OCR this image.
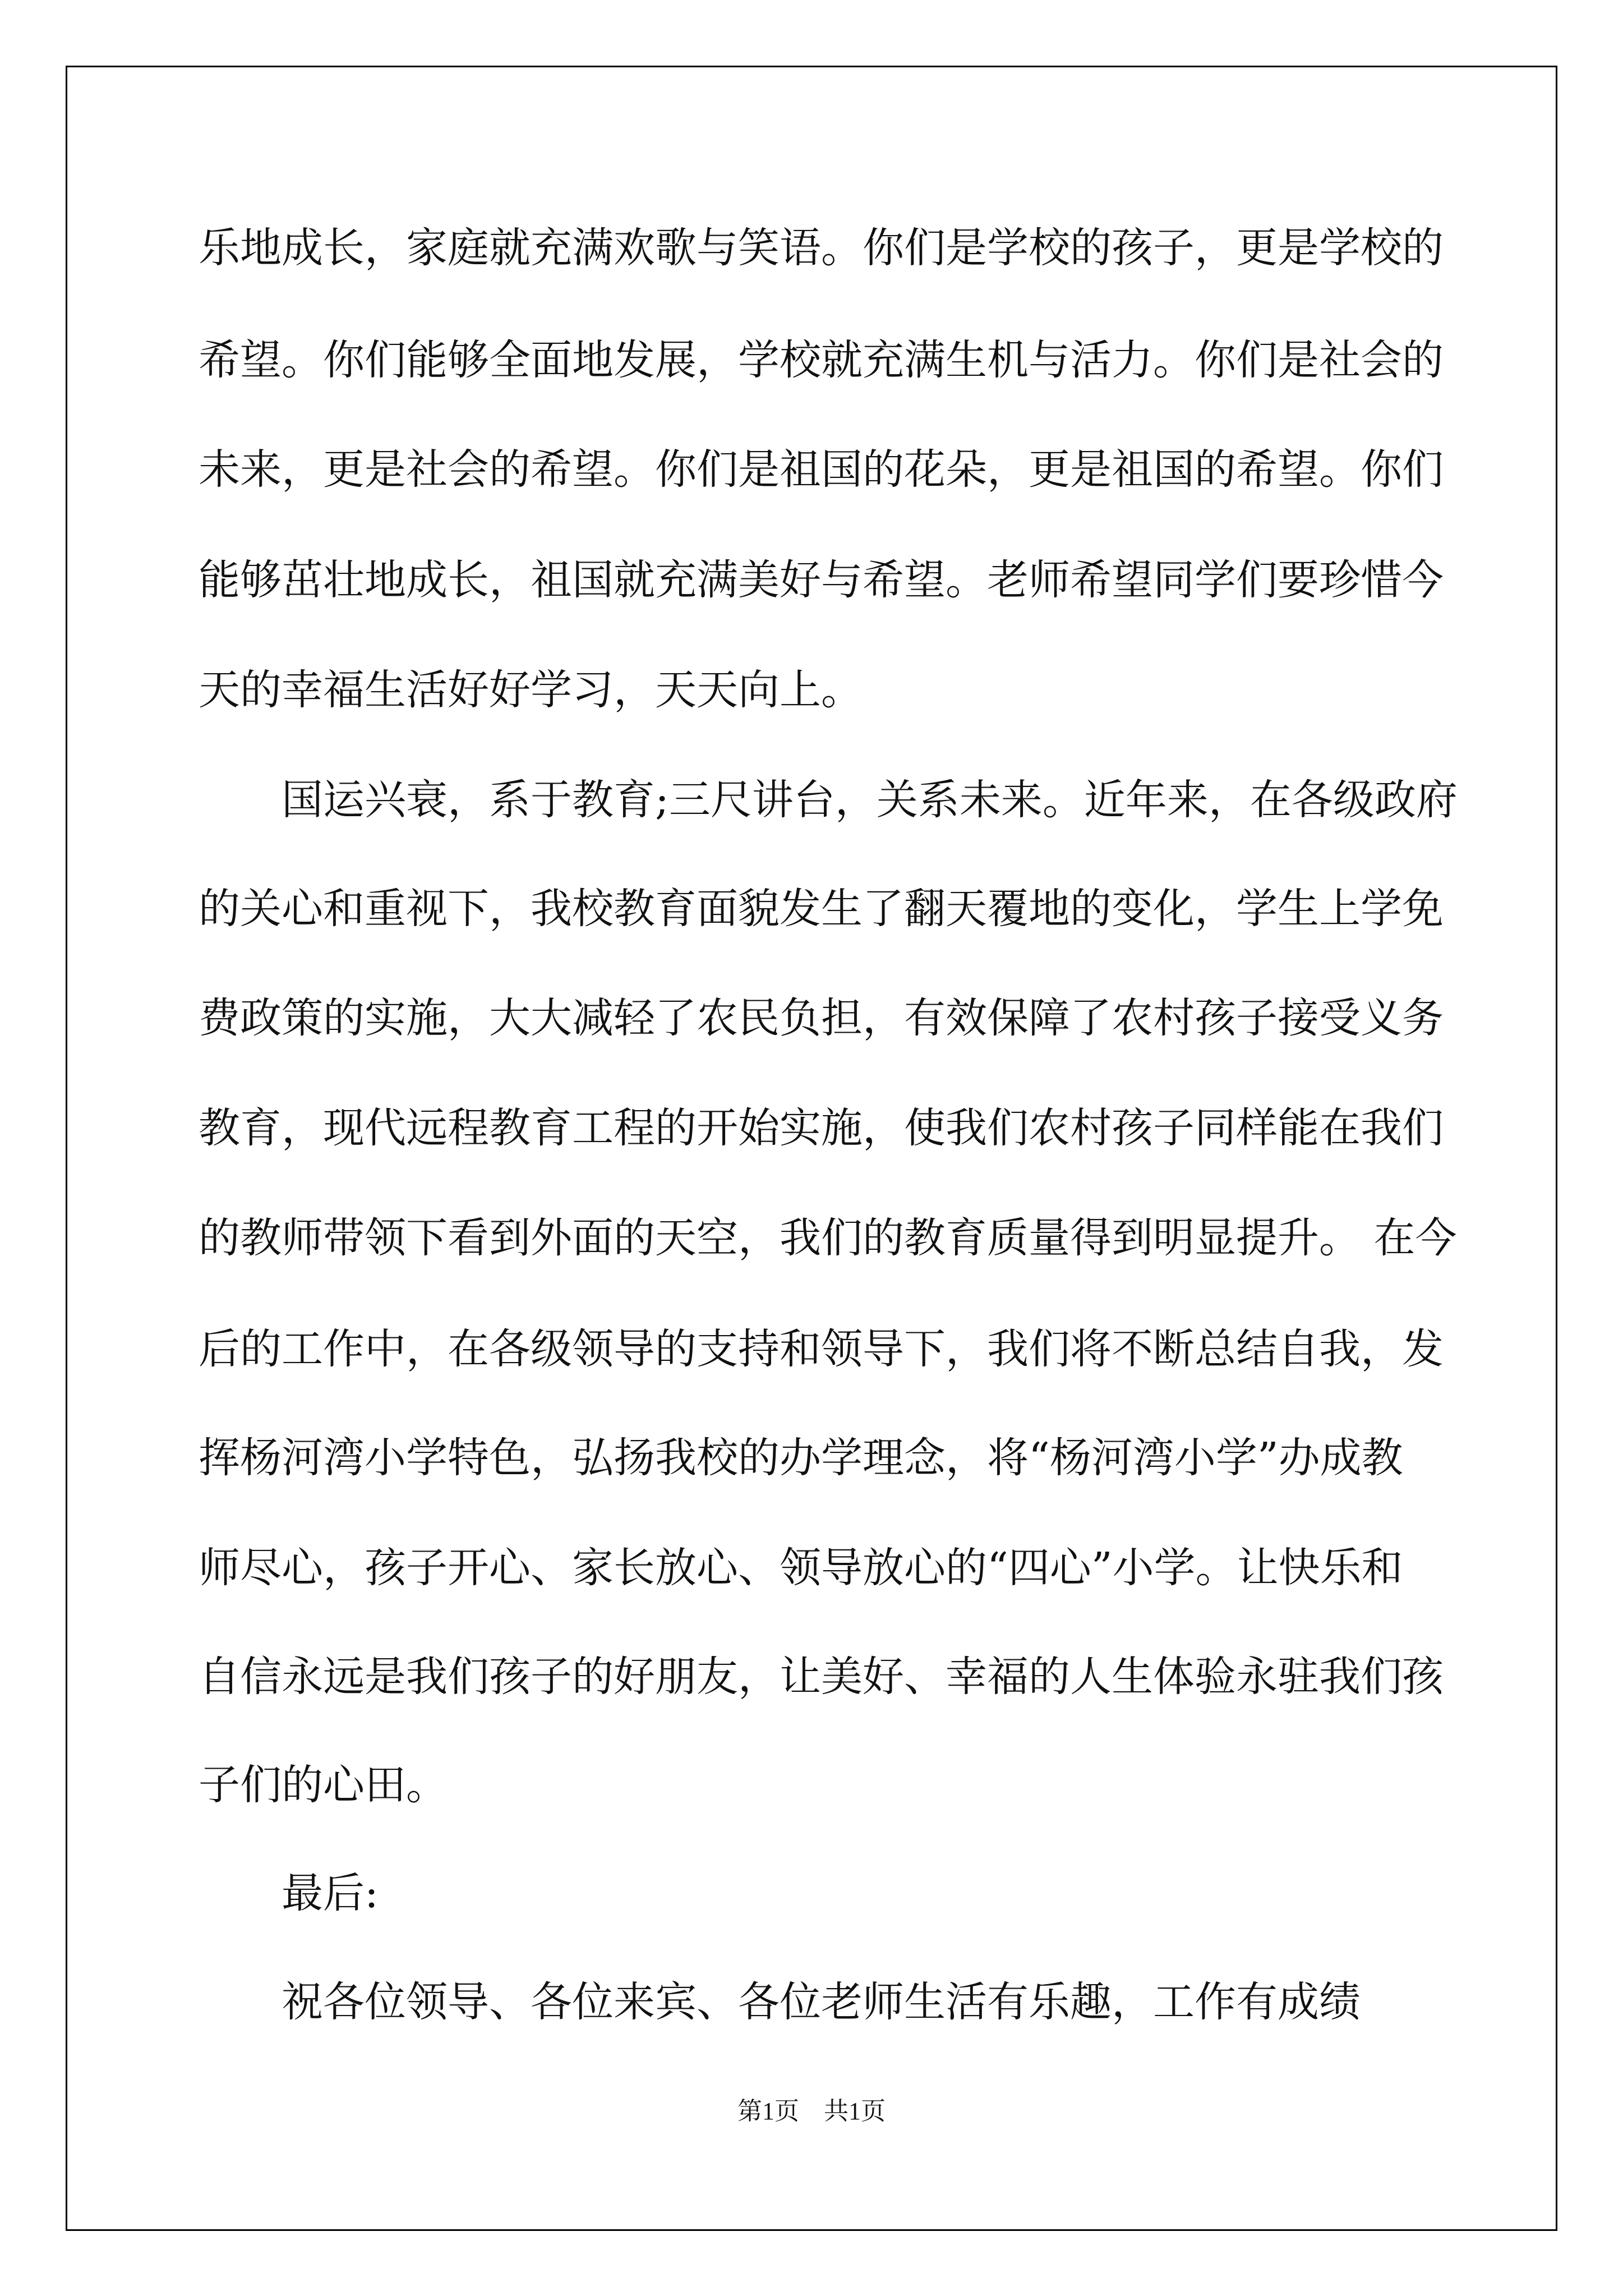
乐地成长，家庭就充满欢歌与笑语。你们是学校的孩子，更是学校的
希望。你们能够全面地发展，学校就充满生机与活力。你们是社会的
未来，更是社会的希望。你们是祖国的花朵，更是祖国的希望。你们
能够茁壮地成长，祖国就充满美好与希望。老师希望同学们要珍惜今
天的幸福生活好好学习，天天向上。
国运兴衰，系于教育;三尺讲台，关系未来。近年来，在各级政府
的关心和重视下，我校教育面貌发生了翻天覆地的变化，学生上学免
费政策的实施，大大减轻了农民负担，有效保障了农村孩子接受义务
教育，现代远程教育工程的开始实施，使我们农村孩子同样能在我们
的教师带领下看到外面的天空，我们的教育质量得到明显提升。 在今
后的工作中，在各级领导的支持和领导下，我们将不断总结自我，发
挥杨河湾小学特色，弘扬我校的办学理念，将“杨河湾小学”办成教
师尽心，孩子开心、家长放心、领导放心的“四心”小学。让快乐和
自信永远是我们孩子的好朋友，让美好、幸福的人生体验永驻我们孩
子们的心田。
最后:
祝各位领导、各位来宾、各位老师生活有乐趣，工作有成绩
第1页 共1页
